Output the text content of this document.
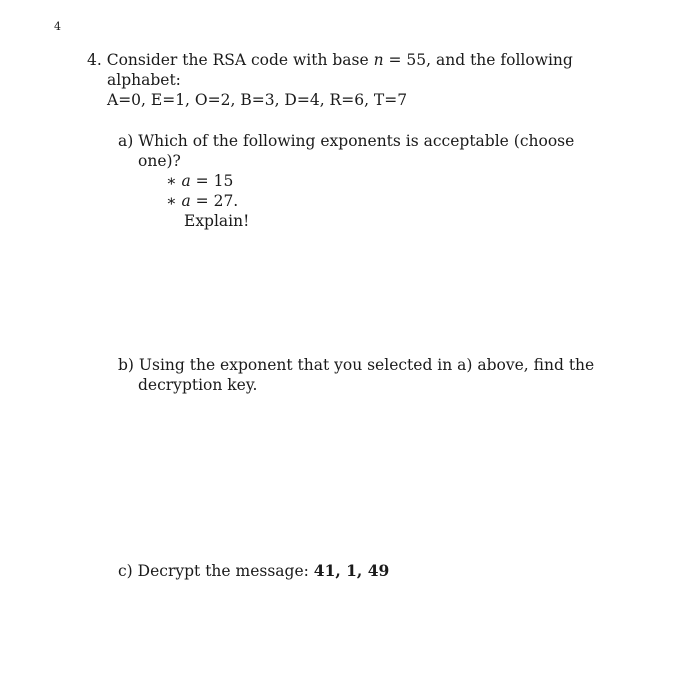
4
4. Consider the RSA code with base n = 55, and the following
alphabet:
A=0, E=1, O=2, B=3, D=4, R=6, T=7
a) Which of the following exponents is acceptable (choose
one)?
∗ a = 15
∗ a = 27.
Explain!
b) Using the exponent that you selected in a) above, find the
decryption key.
c) Decrypt the message: 41, 1, 49
